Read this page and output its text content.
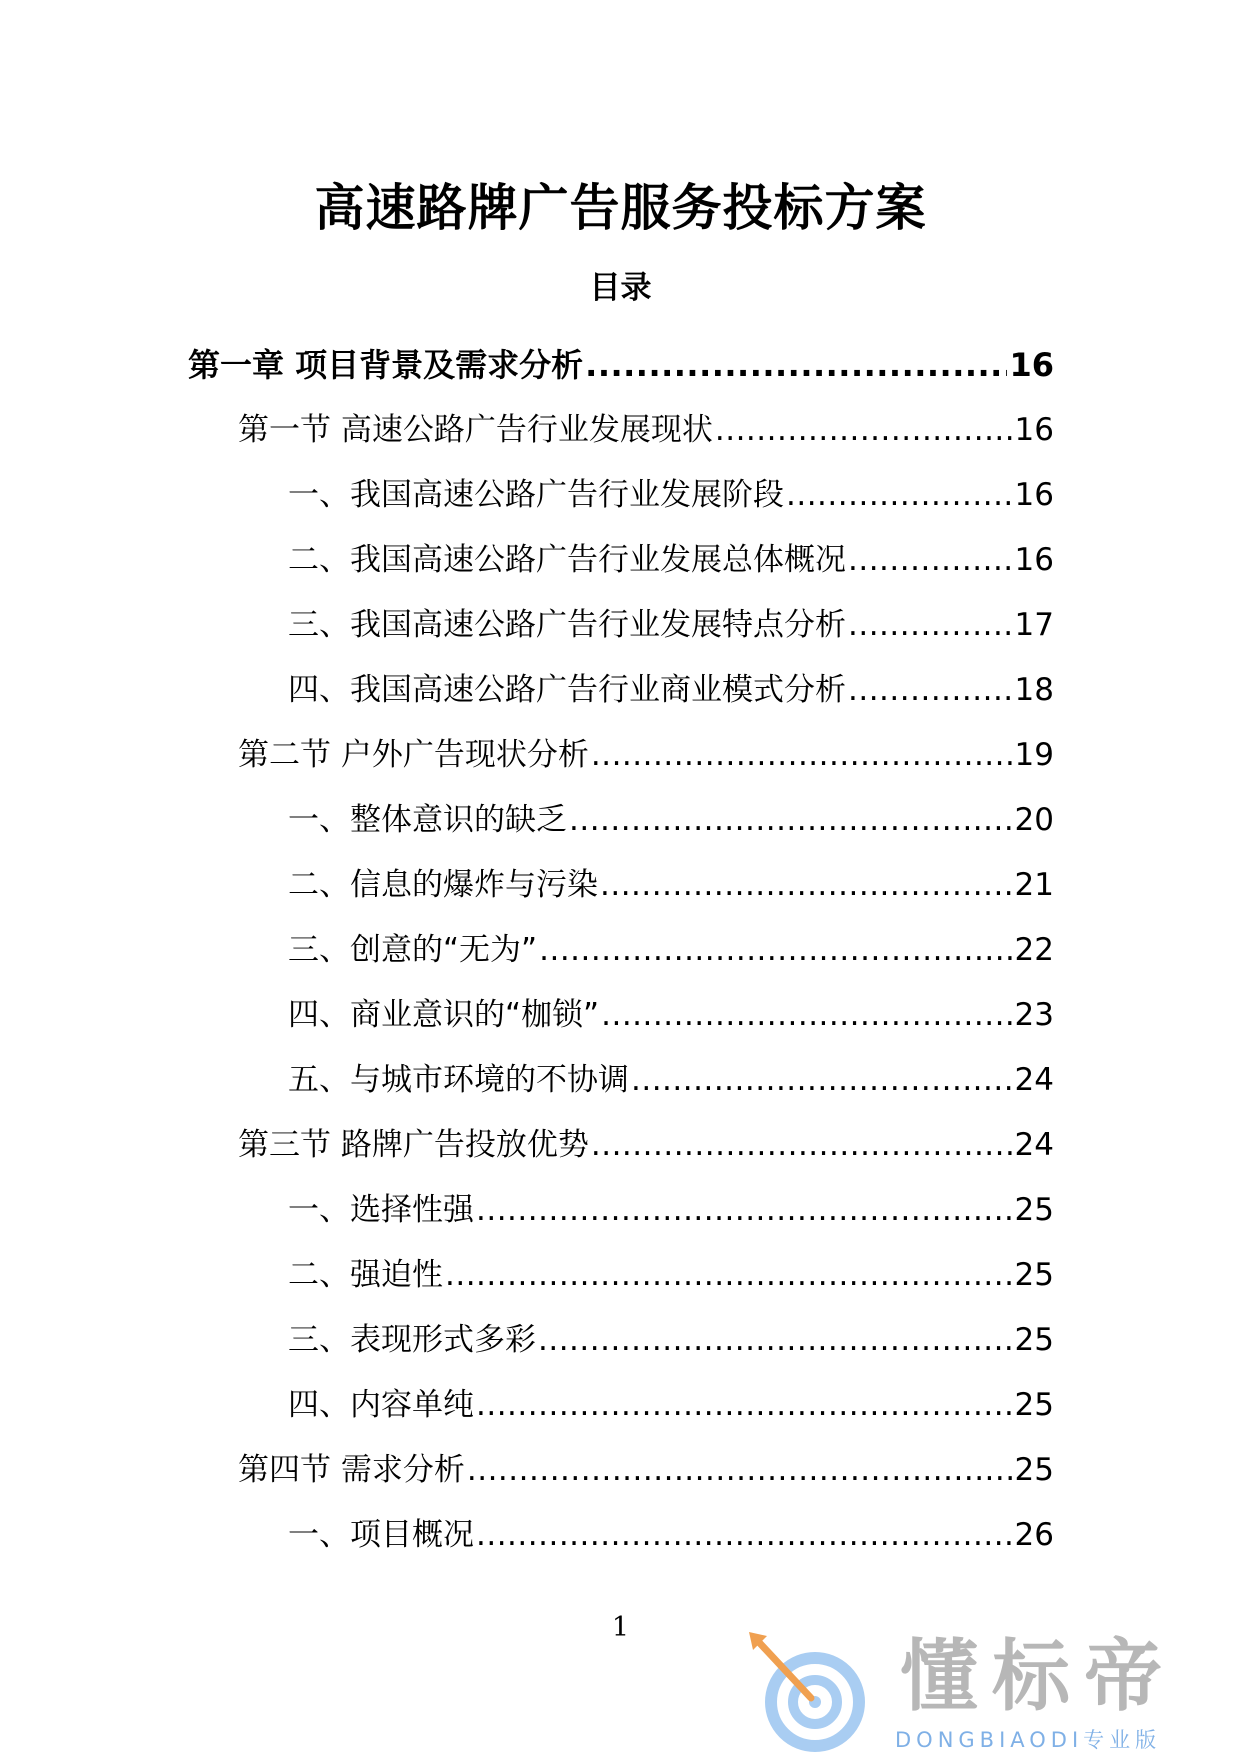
高速路牌广告服务投标方案
目录
第一章 项目背景及需求分析 .....	16
第一节 高速公路广告行业发展现状 .....	16
一、我国高速公路广告行业发展阶段 .....	16
二、我国高速公路广告行业发展总体概况 .....	16
三、我国高速公路广告行业发展特点分析 .....	17
四、我国高速公路广告行业商业模式分析 .....	18
第二节 户外广告现状分析 .....	19
一、整体意识的缺乏 .....	20
二、信息的爆炸与污染 .....	21
三、创意的“无为” .....	22
四、商业意识的“枷锁” .....	23
五、与城市环境的不协调 .....	24
第三节 路牌广告投放优势 .....	24
一、选择性强 .....	25
二、强迫性 .....	25
三、表现形式多彩 .....	25
四、内容单纯 .....	25
第四节 需求分析 .....	25
一、项目概况 .....	26
1
懂标帝
DONGBIAODI专业版
